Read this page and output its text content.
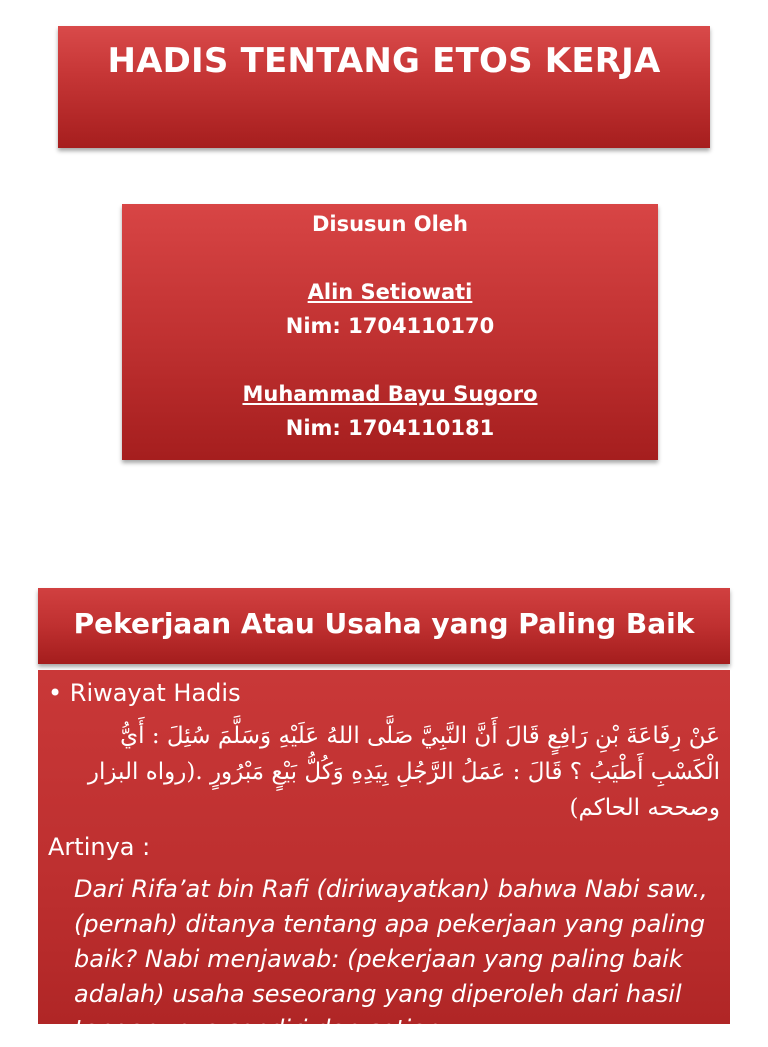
HADIS TENTANG ETOS KERJA
Disusun Oleh
Alin Setiowati
Nim: 1704110170
Muhammad Bayu Sugoro
Nim: 1704110181
Pekerjaan Atau Usaha yang Paling Baik
• Riwayat Hadis
عَنْ رِفَاعَةَ بْنِ رَافِعٍ قَالَ أَنَّ النَّبِيَّ صَلَّى اللهُ عَلَيْهِ وَسَلَّمَ سُئِلَ : أَيُّ الْكَسْبِ أَطْيَبُ ؟ قَالَ : عَمَلُ الرَّجُلِ بِيَدِهِ وَكُلُّ بَيْعٍ مَبْرُورٍ .(رواه البزار وصححه الحاكم)
Artinya :
Dari Rifa’at bin Rafi (diriwayatkan) bahwa Nabi saw., (pernah) ditanya tentang apa pekerjaan yang paling baik? Nabi menjawab: (pekerjaan yang paling baik adalah) usaha seseorang yang diperoleh dari hasil tangan- nya sendiri dan setiap
